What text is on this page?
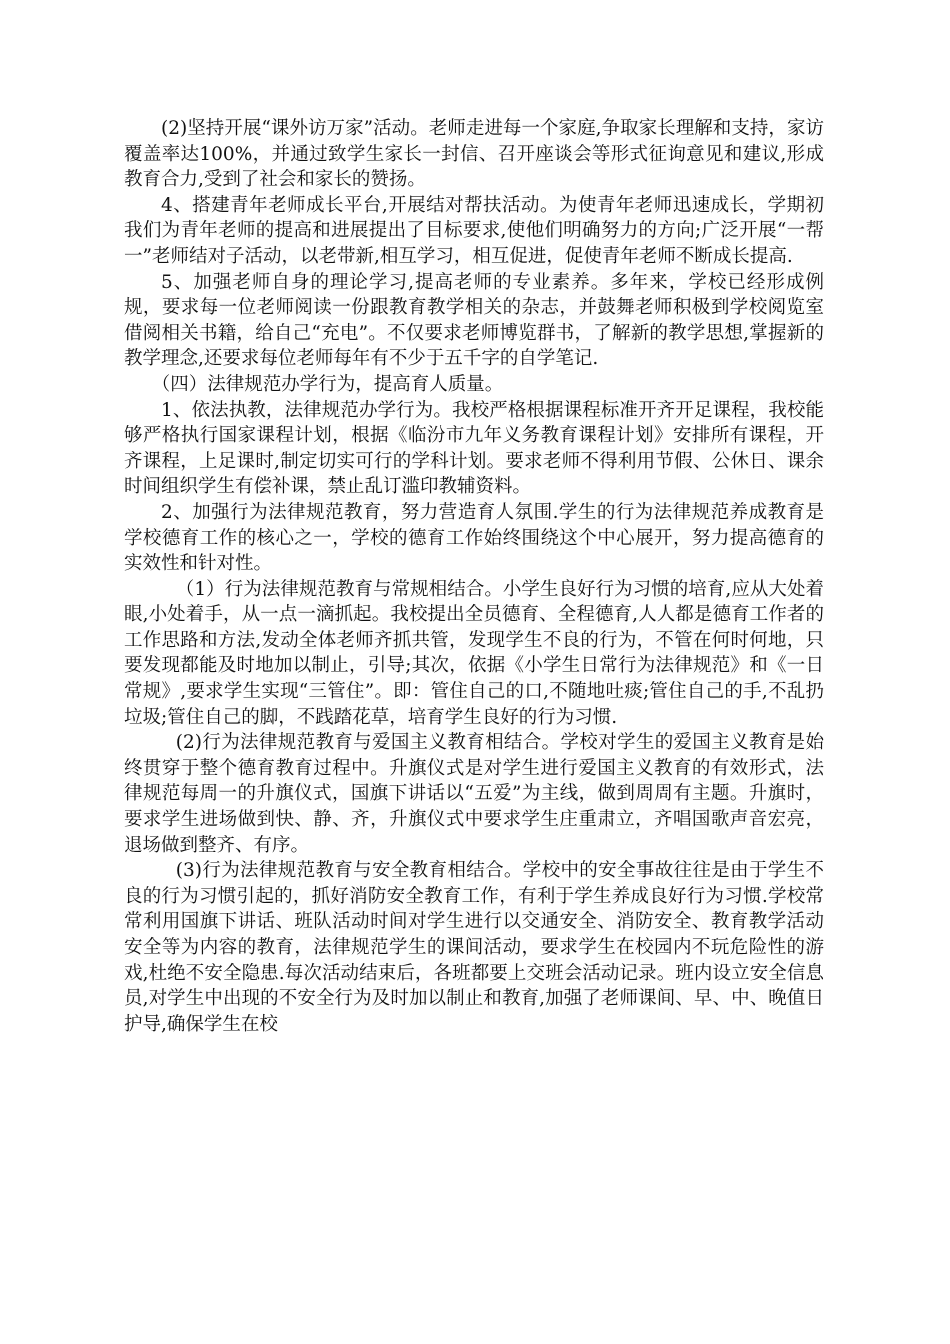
(2)坚持开展“课外访万家”活动。老师走进每一个家庭,争取家长理解和支持，家访覆盖率达100%，并通过致学生家长一封信、召开座谈会等形式征询意见和建议,形成教育合力,受到了社会和家长的赞扬。

4、搭建青年老师成长平台,开展结对帮扶活动。为使青年老师迅速成长，学期初我们为青年老师的提高和进展提出了目标要求,使他们明确努力的方向;广泛开展“一帮一”老师结对子活动，以老带新,相互学习，相互促进，促使青年老师不断成长提高.

5、加强老师自身的理论学习,提高老师的专业素养。多年来，学校已经形成例规，要求每一位老师阅读一份跟教育教学相关的杂志，并鼓舞老师积极到学校阅览室借阅相关书籍，给自己“充电”。不仅要求老师博览群书，了解新的教学思想,掌握新的教学理念,还要求每位老师每年有不少于五千字的自学笔记.

（四）法律规范办学行为，提高育人质量。

1、依法执教，法律规范办学行为。我校严格根据课程标准开齐开足课程，我校能够严格执行国家课程计划，根据《临汾市九年义务教育课程计划》安排所有课程，开齐课程，上足课时,制定切实可行的学科计划。要求老师不得利用节假、公休日、课余时间组织学生有偿补课，禁止乱订滥印教辅资料。

2、加强行为法律规范教育，努力营造育人氛围.学生的行为法律规范养成教育是学校德育工作的核心之一，学校的德育工作始终围绕这个中心展开，努力提高德育的实效性和针对性。

（1）行为法律规范教育与常规相结合。小学生良好行为习惯的培育,应从大处着眼,小处着手，从一点一滴抓起。我校提出全员德育、全程德育,人人都是德育工作者的工作思路和方法,发动全体老师齐抓共管，发现学生不良的行为，不管在何时何地，只要发现都能及时地加以制止，引导;其次，依据《小学生日常行为法律规范》和《一日常规》,要求学生实现“三管住”。即：管住自己的口,不随地吐痰;管住自己的手,不乱扔垃圾;管住自己的脚，不践踏花草，培育学生良好的行为习惯.

(2)行为法律规范教育与爱国主义教育相结合。学校对学生的爱国主义教育是始终贯穿于整个德育教育过程中。升旗仪式是对学生进行爱国主义教育的有效形式，法律规范每周一的升旗仪式，国旗下讲话以“五爱”为主线，做到周周有主题。升旗时，要求学生进场做到快、静、齐，升旗仪式中要求学生庄重肃立，齐唱国歌声音宏亮，退场做到整齐、有序。

(3)行为法律规范教育与安全教育相结合。学校中的安全事故往往是由于学生不良的行为习惯引起的，抓好消防安全教育工作，有利于学生养成良好行为习惯.学校常常利用国旗下讲话、班队活动时间对学生进行以交通安全、消防安全、教育教学活动安全等为内容的教育，法律规范学生的课间活动，要求学生在校园内不玩危险性的游戏,杜绝不安全隐患.每次活动结束后，各班都要上交班会活动记录。班内设立安全信息员,对学生中出现的不安全行为及时加以制止和教育,加强了老师课间、早、中、晚值日护导,确保学生在校
